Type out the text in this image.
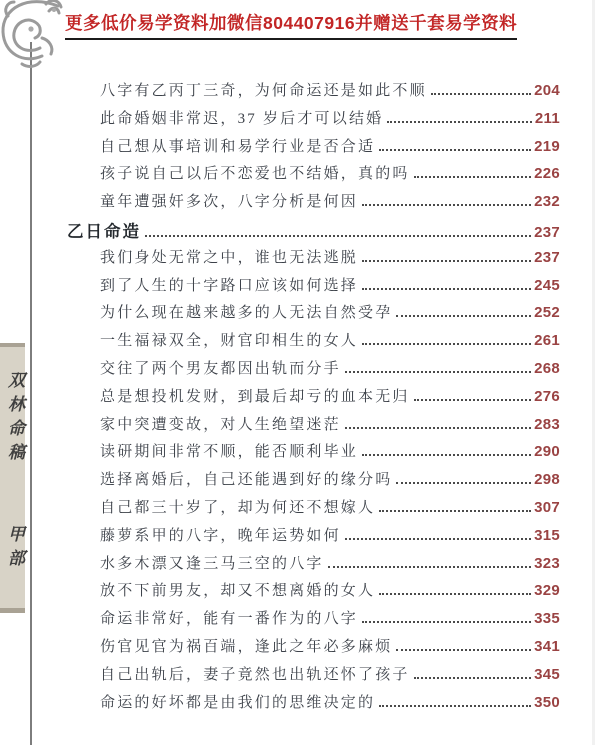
更多低价易学资料加微信804407916并赠送千套易学资料
双林命稿
甲部
八字有乙丙丁三奇，为何命运还是如此不顺	204
此命婚姻非常迟，37 岁后才可以结婚	211
自己想从事培训和易学行业是否合适	219
孩子说自己以后不恋爱也不结婚，真的吗	226
童年遭强奸多次，八字分析是何因	232
乙日命造	237
我们身处无常之中，谁也无法逃脱	237
到了人生的十字路口应该如何选择	245
为什么现在越来越多的人无法自然受孕	252
一生福禄双全，财官印相生的女人	261
交往了两个男友都因出轨而分手	268
总是想投机发财，到最后却亏的血本无归	276
家中突遭变故，对人生绝望迷茫	283
读研期间非常不顺，能否顺利毕业	290
选择离婚后，自己还能遇到好的缘分吗	298
自己都三十岁了，却为何还不想嫁人	307
藤萝系甲的八字，晚年运势如何	315
水多木漂又逢三马三空的八字	323
放不下前男友，却又不想离婚的女人	329
命运非常好，能有一番作为的八字	335
伤官见官为祸百端，逢此之年必多麻烦	341
自己出轨后，妻子竟然也出轨还怀了孩子	345
命运的好坏都是由我们的思维决定的	350
